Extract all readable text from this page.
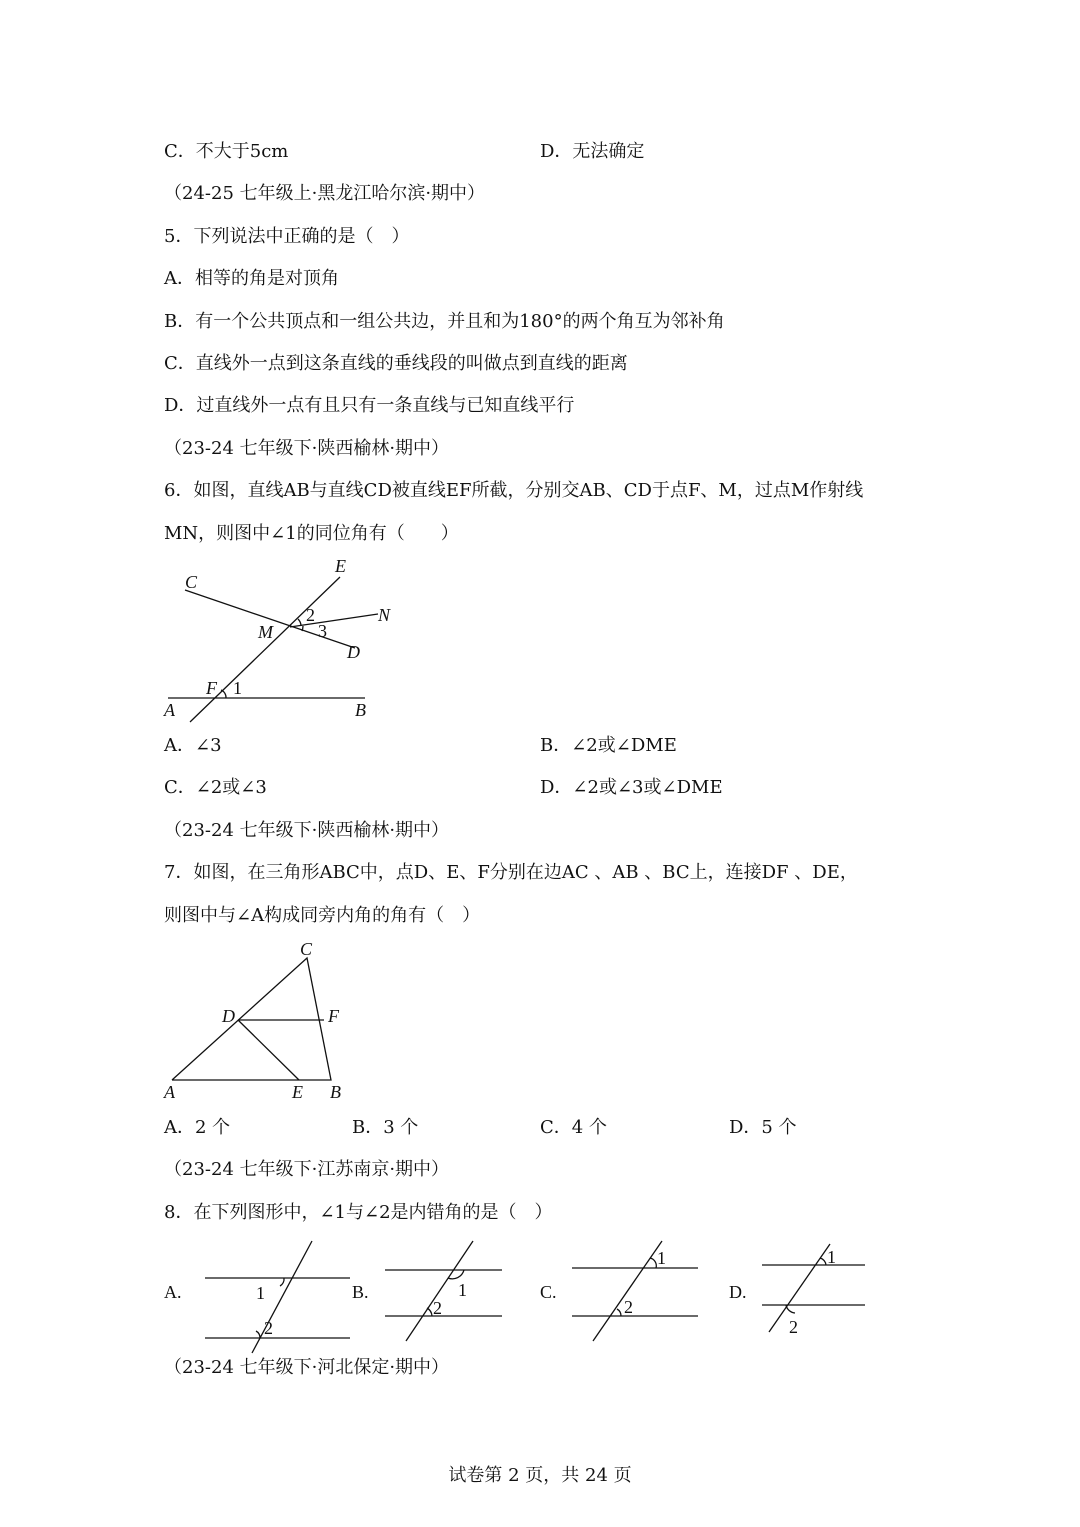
C．不大于5cm	D．无法确定
（24-25 七年级上·黑龙江哈尔滨·期中）
5．下列说法中正确的是（　）
A．相等的角是对顶角
B．有一个公共顶点和一组公共边，并且和为180°的两个角互为邻补角
C．直线外一点到这条直线的垂线段的叫做点到直线的距离
D．过直线外一点有且只有一条直线与已知直线平行
（23-24 七年级下·陕西榆林·期中）
6．如图，直线AB与直线CD被直线EF所截，分别交AB、CD于点F、M，过点M作射线
MN，则图中∠1的同位角有（　　）
C
E
N
M
D
F
A	B
1
2
3
A．∠3	B．∠2或∠DME
C．∠2或∠3	D．∠2或∠3或∠DME
（23-24 七年级下·陕西榆林·期中）
7．如图，在三角形ABC中，点D、E、F分别在边AC 、AB 、BC上，连接DF 、DE，
则图中与∠A构成同旁内角的角有（　）
C
D	F
A	E B
A．2 个	B．3 个	C．4 个	D．5 个
（23-24 七年级下·江苏南京·期中）
8．在下列图形中，∠1与∠2是内错角的是（　）
A.	1
2
B.	1
2
C.
1
2
D.
1
2
（23-24 七年级下·河北保定·期中）
试卷第 2 页，共 24 页
